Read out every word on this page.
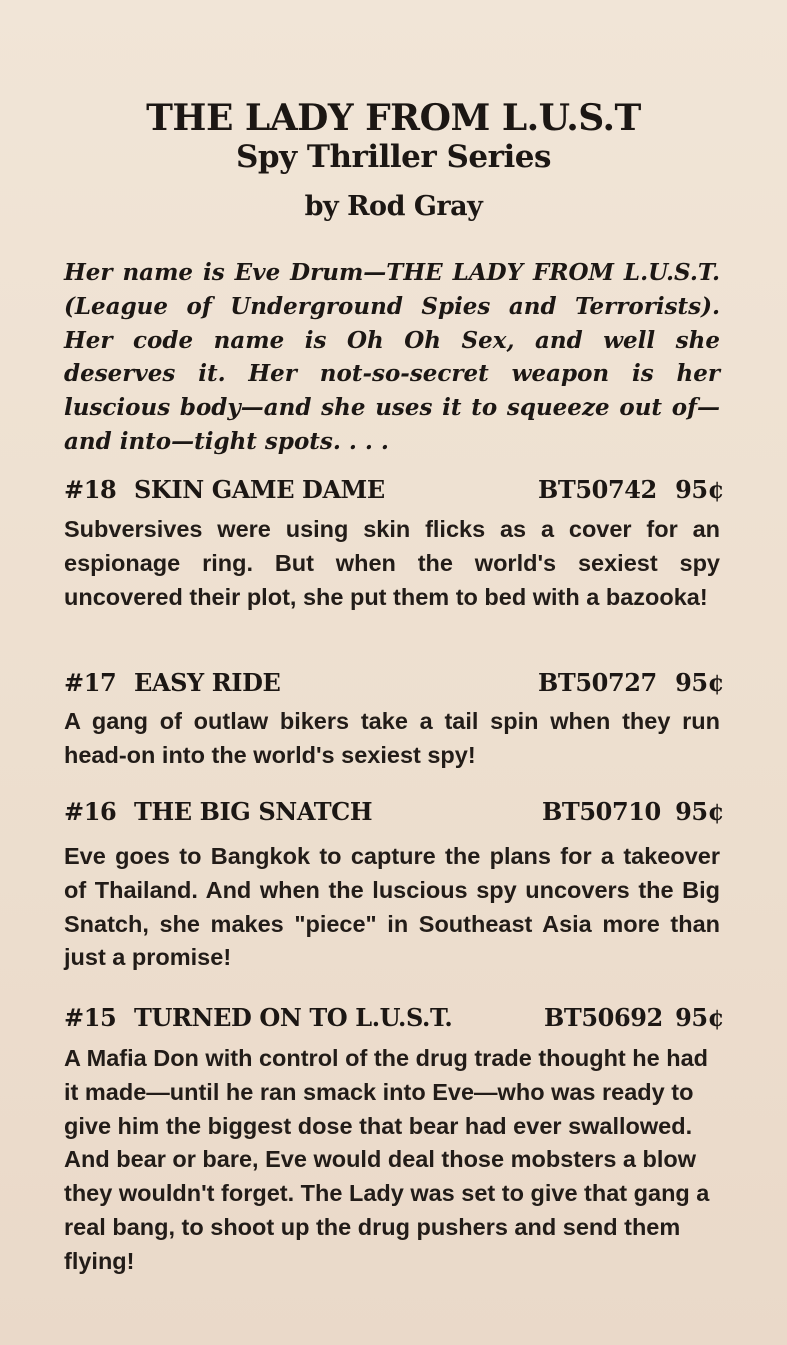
THE LADY FROM L.U.S.T
Spy Thriller Series
by Rod Gray
Her name is Eve Drum—THE LADY FROM L.U.S.T. (League of Underground Spies and Terrorists). Her code name is Oh Oh Sex, and well she deserves it. Her not-so-secret weapon is her luscious body—and she uses it to squeeze out of—and into—tight spots. . . .
#18 SKIN GAME DAME	BT50742 95¢
Subversives were using skin flicks as a cover for an espionage ring. But when the world's sexiest spy uncovered their plot, she put them to bed with a bazooka!
#17 EASY RIDE	BT50727 95¢
A gang of outlaw bikers take a tail spin when they run head-on into the world's sexiest spy!
#16 THE BIG SNATCH	BT50710 95¢
Eve goes to Bangkok to capture the plans for a takeover of Thailand. And when the luscious spy uncovers the Big Snatch, she makes "piece" in Southeast Asia more than just a promise!
#15 TURNED ON TO L.U.S.T.	BT50692 95¢
A Mafia Don with control of the drug trade thought he had it made—until he ran smack into Eve—who was ready to give him the biggest dose that bear had ever swallowed. And bear or bare, Eve would deal those mobsters a blow they wouldn't forget. The Lady was set to give that gang a real bang, to shoot up the drug pushers and send them flying!
